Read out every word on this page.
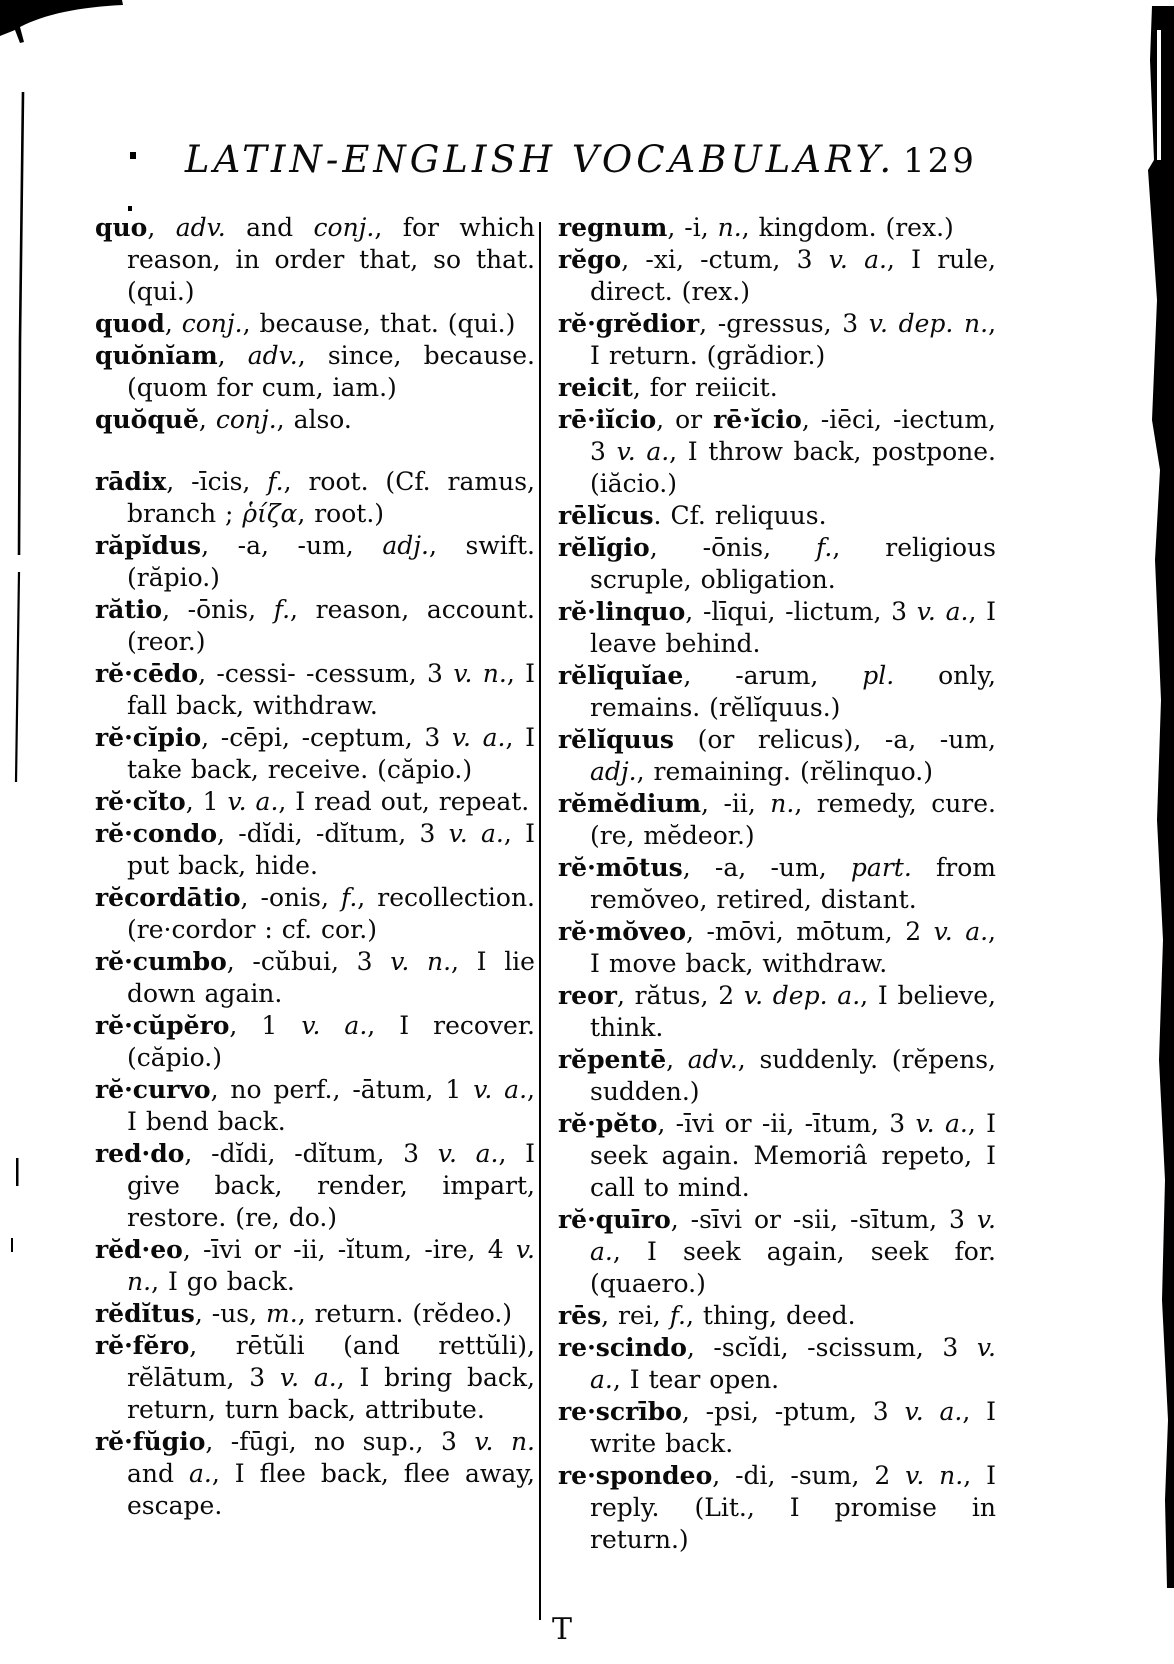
LATIN-ENGLISH VOCABULARY. 129

quo, adv. and conj., for which reason, in order that, so that. (qui.)

quod, conj., because, that. (qui.)

quŏnĭam, adv., since, because. (quom for cum, iam.)

quŏquĕ, conj., also.

rādix, -īcis, f., root. (Cf. ramus, branch ; ῥίζα, root.)

răpĭdus, -a, -um, adj., swift. (răpio.)

rătio, -ōnis, f., reason, account. (reor.)

rĕ·cēdo, -cessi- -cessum, 3 v. n., I fall back, withdraw.

rĕ·cĭpio, -cēpi, -ceptum, 3 v. a., I take back, receive. (căpio.)

rĕ·cĭto, 1 v. a., I read out, repeat.

rĕ·condo, -dĭdi, -dĭtum, 3 v. a., I put back, hide.

rĕcordātio, -onis, f., recollection. (re·cordor : cf. cor.)

rĕ·cumbo, -cŭbui, 3 v. n., I lie down again.

rĕ·cŭpĕro, 1 v. a., I recover. (căpio.)

rĕ·curvo, no perf., -ātum, 1 v. a., I bend back.

red·do, -dĭdi, -dĭtum, 3 v. a., I give back, render, impart, restore. (re, do.)

rĕd·eo, -īvi or -ii, -ĭtum, -ire, 4 v. n., I go back.

rĕdĭtus, -us, m., return. (rĕdeo.)

rĕ·fĕro, rētŭli (and rettŭli), rĕlātum, 3 v. a., I bring back, return, turn back, attribute.

rĕ·fŭgio, -fūgi, no sup., 3 v. n. and a., I flee back, flee away, escape.

regnum, -i, n., kingdom. (rex.)

rĕgo, -xi, -ctum, 3 v. a., I rule, direct. (rex.)

rĕ·grĕdior, -gressus, 3 v. dep. n., I return. (grădior.)

reicit, for reiicit.

rē·iĭcio, or rē·ĭcio, -iēci, -iectum, 3 v. a., I throw back, postpone. (iăcio.)

rēlĭcus. Cf. reliquus.

rĕlĭgio, -ōnis, f., religious scruple, obligation.

rĕ·linquo, -līqui, -lictum, 3 v. a., I leave behind.

rĕlĭquĭae, -arum, pl. only, remains. (rĕlĭquus.)

rĕlĭquus (or relicus), -a, -um, adj., remaining. (rĕlinquo.)

rĕmĕdium, -ii, n., remedy, cure. (re, mĕdeor.)

rĕ·mōtus, -a, -um, part. from remŏveo, retired, distant.

rĕ·mŏveo, -mōvi, mōtum, 2 v. a., I move back, withdraw.

reor, rătus, 2 v. dep. a., I believe, think.

rĕpentē, adv., suddenly. (rĕpens, sudden.)

rĕ·pĕto, -īvi or -ii, -ītum, 3 v. a., I seek again. Memoriâ repeto, I call to mind.

rĕ·quīro, -sīvi or -sii, -sītum, 3 v. a., I seek again, seek for. (quaero.)

rēs, rei, f., thing, deed.

re·scindo, -scĭdi, -scissum, 3 v. a., I tear open.

re·scrībo, -psi, -ptum, 3 v. a., I write back.

re·spondeo, -di, -sum, 2 v. n., I reply. (Lit., I promise in return.)

T
